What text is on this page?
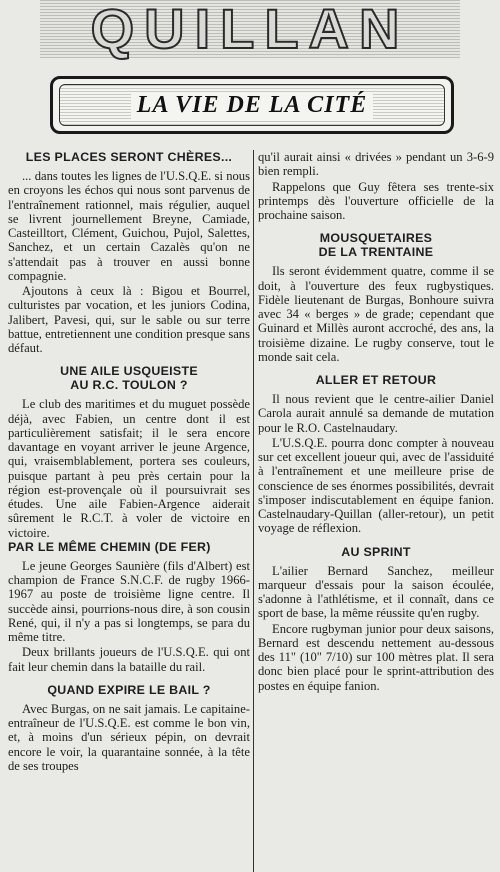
QUILLAN
LA VIE DE LA CITÉ
LES PLACES SERONT CHÈRES...

... dans toutes les lignes de l'U.S.Q.E. si nous en croyons les échos qui nous sont parvenus de l'entraînement rationnel, mais régulier, auquel se livrent journellement Breyne, Camiade, Casteilltort, Clément, Guichou, Pujol, Salettes, Sanchez, et un certain Cazalès qu'on ne s'attendait pas à trouver en aussi bonne compagnie.

Ajoutons à ceux là : Bigou et Bourrel, culturistes par vocation, et les juniors Codina, Jalibert, Pavesi, qui, sur le sable ou sur terre battue, entretiennent une condition presque sans défaut.

UNE AILE USQUEISTE
AU R.C. TOULON ?

Le club des maritimes et du muguet possède déjà, avec Fabien, un centre dont il est particulièrement satisfait; il le sera encore davantage en voyant arriver le jeune Argence, qui, vraisemblablement, portera ses couleurs, puisque partant à peu près certain pour la région est-provençale où il poursuivrait ses études. Une aile Fabien-Argence aiderait sûrement le R.C.T. à voler de victoire en victoire.

PAR LE MÊME CHEMIN (DE FER)

Le jeune Georges Saunière (fils d'Albert) est champion de France S.N.C.F. de rugby 1966-1967 au poste de troisième ligne centre. Il succède ainsi, pourrions-nous dire, à son cousin René, qui, il n'y a pas si longtemps, se para du même titre.

Deux brillants joueurs de l'U.S.Q.E. qui ont fait leur chemin dans la bataille du rail.

QUAND EXPIRE LE BAIL ?

Avec Burgas, on ne sait jamais. Le capitaine-entraîneur de l'U.S.Q.E. est comme le bon vin, et, à moins d'un sérieux pépin, on devrait encore le voir, la quarantaine sonnée, à la tête de ses troupes

qu'il aurait ainsi « drivées » pendant un 3-6-9 bien rempli.

Rappelons que Guy fêtera ses trente-six printemps dès l'ouverture officielle de la prochaine saison.

MOUSQUETAIRES
DE LA TRENTAINE

Ils seront évidemment quatre, comme il se doit, à l'ouverture des feux rugbystiques. Fidèle lieutenant de Burgas, Bonhoure suivra avec 34 « berges » de grade; cependant que Guinard et Millès auront accroché, des ans, la troisième dizaine. Le rugby conserve, tout le monde sait cela.

ALLER ET RETOUR

Il nous revient que le centre-ailier Daniel Carola aurait annulé sa demande de mutation pour le R.O. Castelnaudary.

L'U.S.Q.E. pourra donc compter à nouveau sur cet excellent joueur qui, avec de l'assiduité à l'entraînement et une meilleure prise de conscience de ses énormes possibilités, devrait s'imposer indiscutablement en équipe fanion. Castelnaudary-Quillan (aller-retour), un petit voyage de réflexion.

AU SPRINT

L'ailier Bernard Sanchez, meilleur marqueur d'essais pour la saison écoulée, s'adonne à l'athlétisme, et il connaît, dans ce sport de base, la même réussite qu'en rugby.

Encore rugbyman junior pour deux saisons, Bernard est descendu nettement au-dessous des 11" (10" 7/10) sur 100 mètres plat. Il sera donc bien placé pour le sprint-attribution des postes en équipe fanion.
